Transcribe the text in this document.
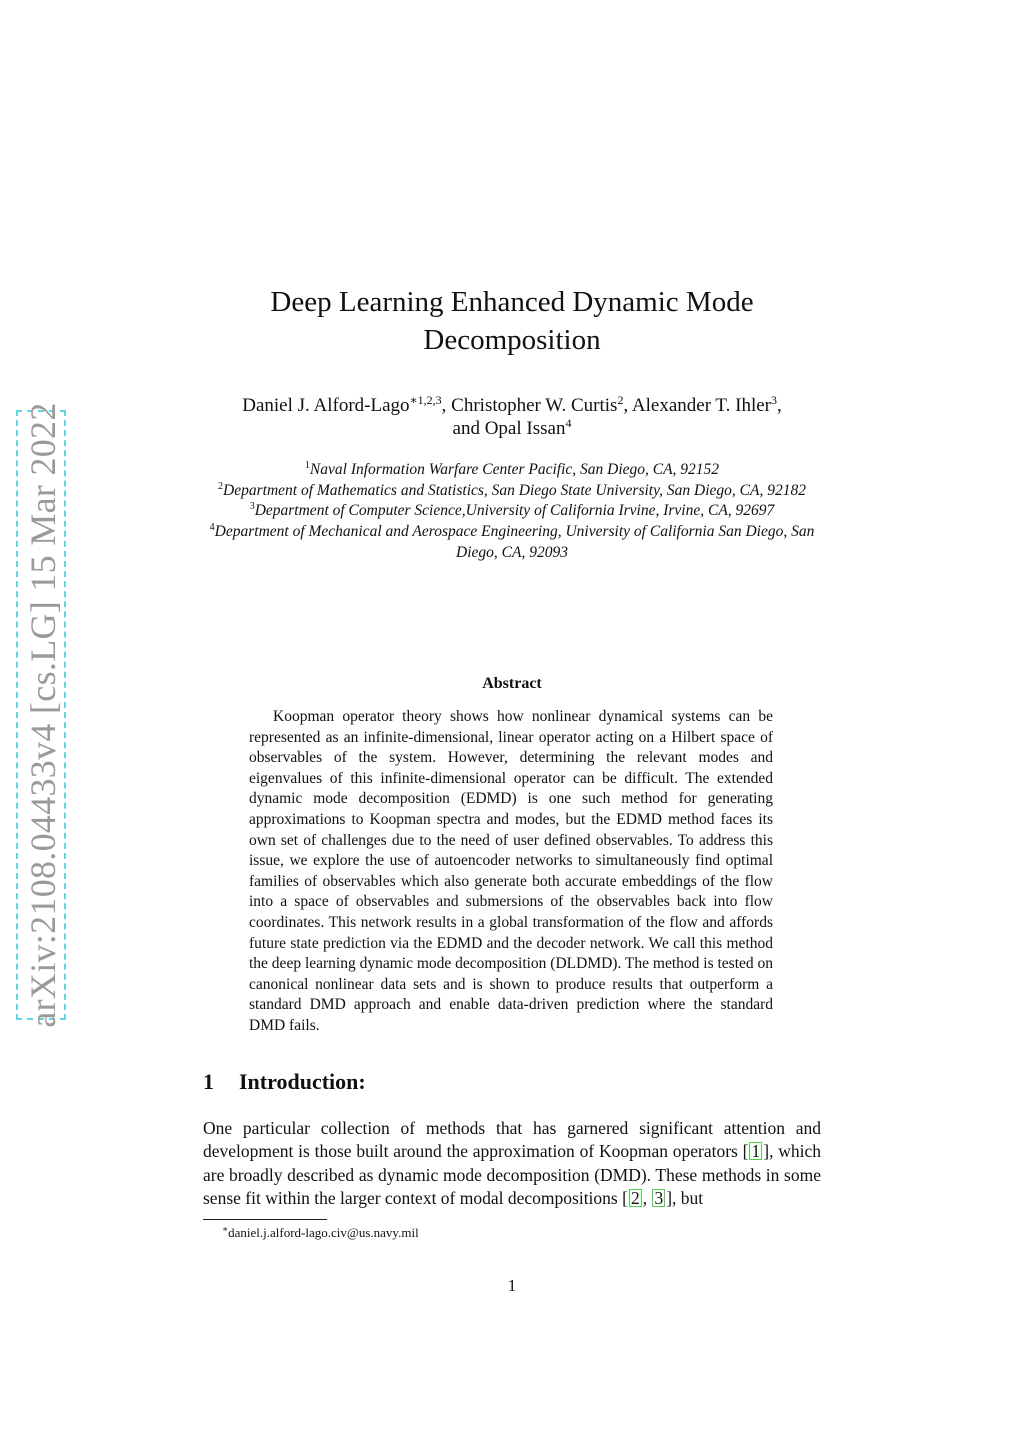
arXiv:2108.04433v4 [cs.LG] 15 Mar 2022
Deep Learning Enhanced Dynamic Mode Decomposition
Daniel J. Alford-Lago$^{∗1,2,3}$, Christopher W. Curtis$^2$, Alexander T. Ihler$^3$,
and Opal Issan$^4$
$^1$Naval Information Warfare Center Pacific, San Diego, CA, 92152
$^2$Department of Mathematics and Statistics, San Diego State University, San Diego, CA, 92182
$^3$Department of Computer Science,University of California Irvine, Irvine, CA, 92697
$^4$Department of Mechanical and Aerospace Engineering, University of California San Diego, San Diego, CA, 92093
Abstract
Koopman operator theory shows how nonlinear dynamical systems can be represented as an infinite-dimensional, linear operator acting on a Hilbert space of observables of the system. However, determining the relevant modes and eigenvalues of this infinite-dimensional operator can be difficult. The extended dynamic mode decomposition (EDMD) is one such method for generating approximations to Koopman spectra and modes, but the EDMD method faces its own set of challenges due to the need of user defined observables. To address this issue, we explore the use of autoencoder networks to simultaneously find optimal families of observables which also generate both accurate embeddings of the flow into a space of observables and submersions of the observables back into flow coordinates. This network results in a global transformation of the flow and affords future state prediction via the EDMD and the decoder network. We call this method the deep learning dynamic mode decomposition (DLDMD). The method is tested on canonical nonlinear data sets and is shown to produce results that outperform a standard DMD approach and enable data-driven prediction where the standard DMD fails.
1 Introduction:
One particular collection of methods that has garnered significant attention and development is those built around the approximation of Koopman operators [ 1 ], which are broadly described as dynamic mode decomposition (DMD). These methods in some sense fit within the larger context of modal decompositions [ 2 , 3 ], but
∗daniel.j.alford-lago.civ@us.navy.mil
1
